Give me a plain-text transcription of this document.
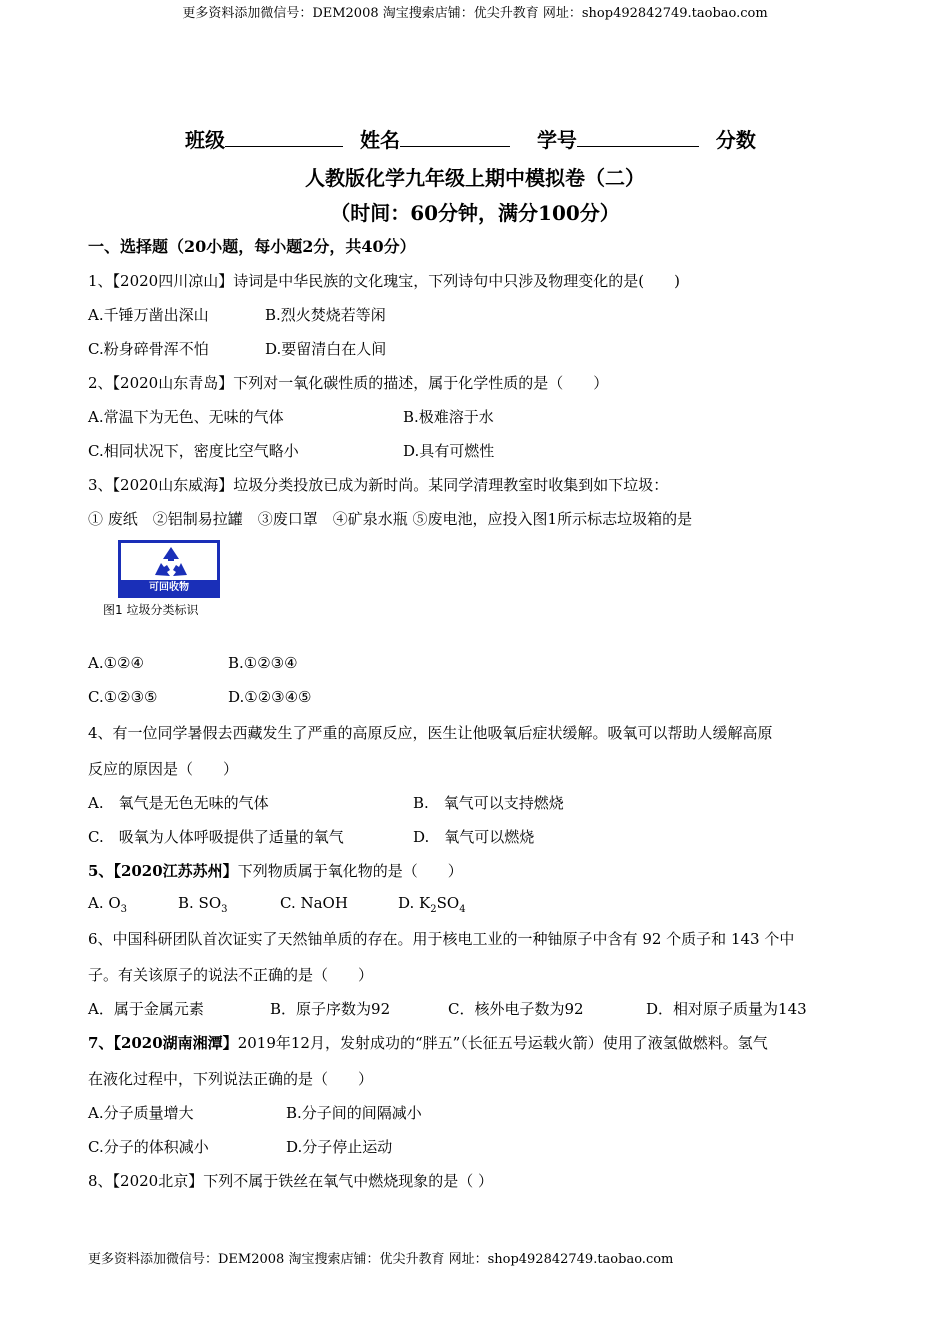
更多资料添加微信号：DEM2008 淘宝搜索店铺：优尖升教育 网址：shop492842749.taobao.com
班级	姓名	学号	分数
人教版化学九年级上期中模拟卷（二）
（时间：60分钟，满分100分）
一、选择题（20小题，每小题2分，共40分）
1、【2020四川凉山】诗词是中华民族的文化瑰宝，下列诗句中只涉及物理变化的是(　　)
A.千锤万凿出深山	B.烈火焚烧若等闲
C.粉身碎骨浑不怕	D.要留清白在人间
2、【2020山东青岛】下列对一氧化碳性质的描述，属于化学性质的是（　　）
A.常温下为无色、无味的气体	B.极难溶于水
C.相同状况下，密度比空气略小	D.具有可燃性
3、【2020山东威海】垃圾分类投放已成为新时尚。某同学清理教室时收集到如下垃圾：
① 废纸　②铝制易拉罐　③废口罩　④矿泉水瓶 ⑤废电池，应投入图1所示标志垃圾箱的是
可回收物
图1 垃圾分类标识
A.①②④	B.①②③④
C.①②③⑤	D.①②③④⑤
4、有一位同学暑假去西藏发生了严重的高原反应，医生让他吸氧后症状缓解。吸氧可以帮助人缓解高原
反应的原因是（　　）
A.　氧气是无色无味的气体	B.　氧气可以支持燃烧
C.　吸氧为人体呼吸提供了适量的氧气	D.　氧气可以燃烧
5、【2020江苏苏州】下列物质属于氧化物的是（　　）
A. $O_3$	B. $SO_3$	C. NaOH	D. $K_2SO_4$
6、中国科研团队首次证实了天然铀单质的存在。用于核电工业的一种铀原子中含有 92 个质子和 143 个中
子。有关该原子的说法不正确的是（　　）
A．属于金属元素	B．原子序数为92	C．核外电子数为92	D．相对原子质量为143
7、【2020湖南湘潭】2019年12月，发射成功的“胖五”（长征五号运载火箭）使用了液氢做燃料。氢气
在液化过程中，下列说法正确的是（　　）
A.分子质量增大	B.分子间的间隔减小
C.分子的体积减小	D.分子停止运动
8、【2020北京】下列不属于铁丝在氧气中燃烧现象的是（ ）
更多资料添加微信号：DEM2008 淘宝搜索店铺：优尖升教育 网址：shop492842749.taobao.com
